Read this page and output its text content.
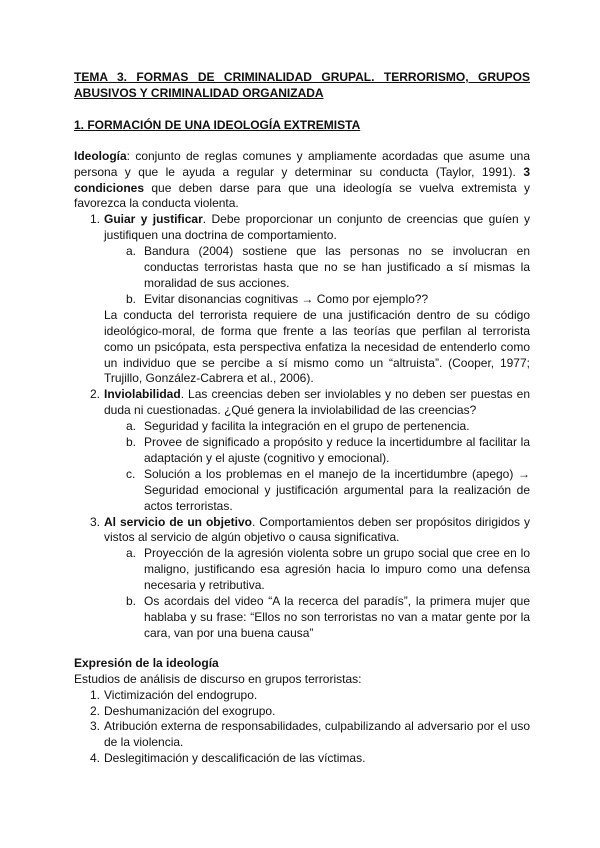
TEMA 3. FORMAS DE CRIMINALIDAD GRUPAL. TERRORISMO, GRUPOS ABUSIVOS Y CRIMINALIDAD ORGANIZADA
1. FORMACIÓN DE UNA IDEOLOGÍA EXTREMISTA

Ideología: conjunto de reglas comunes y ampliamente acordadas que asume una persona y que le ayuda a regular y determinar su conducta (Taylor, 1991). 3 condiciones que deben darse para que una ideología se vuelva extremista y favorezca la conducta violenta.

1. Guiar y justificar. Debe proporcionar un conjunto de creencias que guíen y justifiquen una doctrina de comportamiento.

a. Bandura (2004) sostiene que las personas no se involucran en conductas terroristas hasta que no se han justificado a sí mismas la moralidad de sus acciones.
b. Evitar disonancias cognitivas → Como por ejemplo??

La conducta del terrorista requiere de una justificación dentro de su código ideológico-moral, de forma que frente a las teorías que perfilan al terrorista como un psicópata, esta perspectiva enfatiza la necesidad de entenderlo como un individuo que se percibe a sí mismo como un “altruista”. (Cooper, 1977; Trujillo, González-Cabrera et al., 2006).

2. Inviolabilidad. Las creencias deben ser inviolables y no deben ser puestas en duda ni cuestionadas. ¿Qué genera la inviolabilidad de las creencias?

a. Seguridad y facilita la integración en el grupo de pertenencia.
b. Provee de significado a propósito y reduce la incertidumbre al facilitar la adaptación y el ajuste (cognitivo y emocional).
c. Solución a los problemas en el manejo de la incertidumbre (apego) → Seguridad emocional y justificación argumental para la realización de actos terroristas.
3. Al servicio de un objetivo. Comportamientos deben ser propósitos dirigidos y vistos al servicio de algún objetivo o causa significativa.

a. Proyección de la agresión violenta sobre un grupo social que cree en lo maligno, justificando esa agresión hacia lo impuro como una defensa necesaria y retributiva.
b. Os acordais del video “A la recerca del paradís”, la primera mujer que hablaba y su frase: “Ellos no son terroristas no van a matar gente por la cara, van por una buena causa”

Expresión de la ideología

Estudios de análisis de discurso en grupos terroristas:

1. Victimización del endogrupo.
2. Deshumanización del exogrupo.
3. Atribución externa de responsabilidades, culpabilizando al adversario por el uso de la violencia.
4. Deslegitimación y descalificación de las víctimas.
